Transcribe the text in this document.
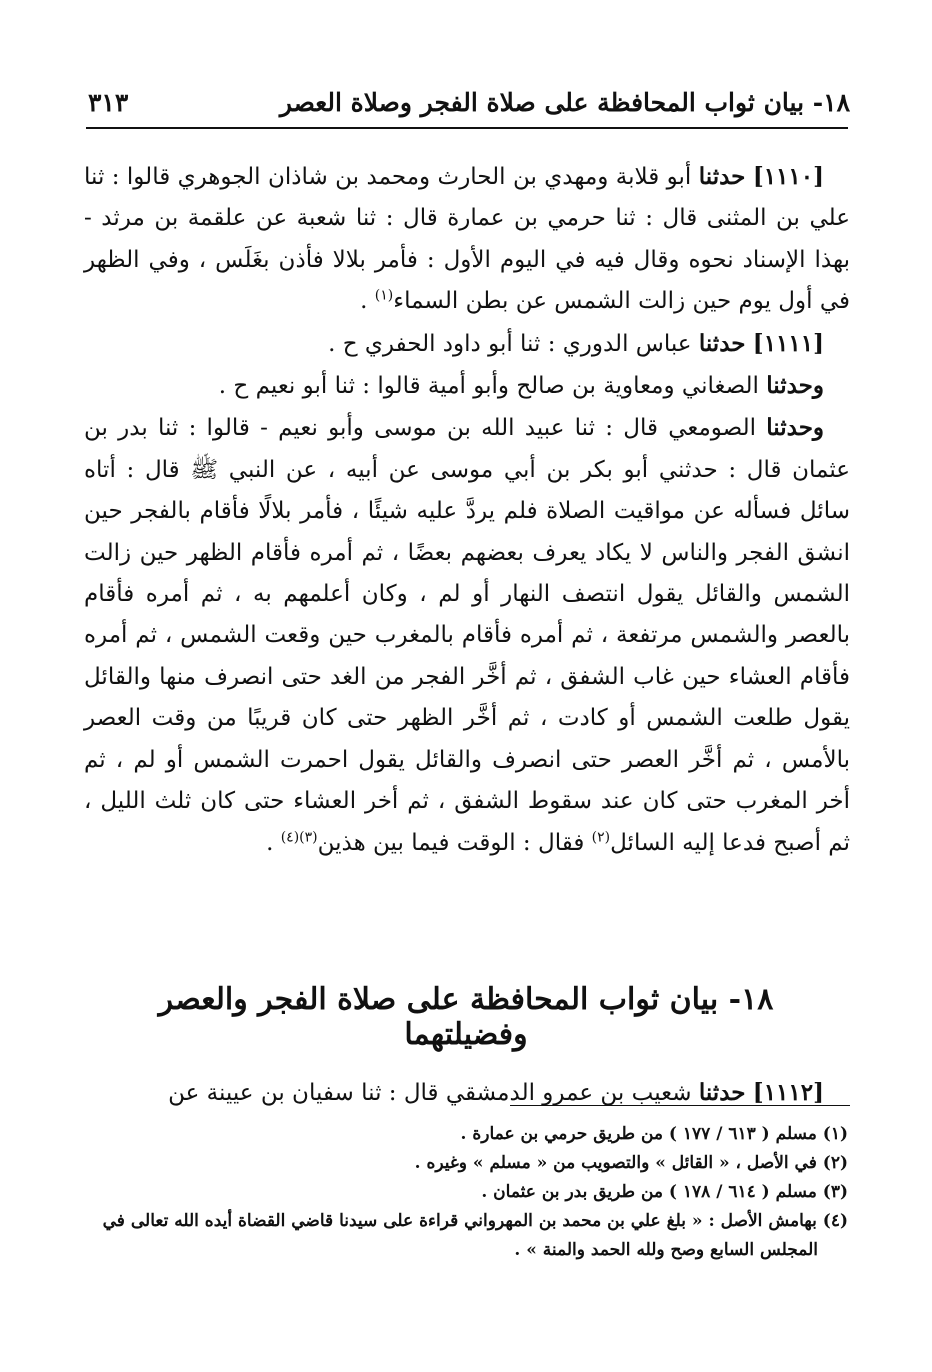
١٨- بيان ثواب المحافظة على صلاة الفجر وصلاة العصر
٣١٣

[١١١٠] حدثنا أبو قلابة ومهدي بن الحارث ومحمد بن شاذان الجوهري قالوا : ثنا علي بن المثنى قال : ثنا حرمي بن عمارة قال : ثنا شعبة عن علقمة بن مرثد - بهذا الإسناد نحوه وقال فيه في اليوم الأول : فأمر بلالا فأذن بغَلَس ، وفي الظهر في أول يوم حين زالت الشمس عن بطن السماء$^{(١)}$ .

[١١١١] حدثنا عباس الدوري : ثنا أبو داود الحفري ح .

وحدثنا الصغاني ومعاوية بن صالح وأبو أمية قالوا : ثنا أبو نعيم ح .

وحدثنا الصومعي قال : ثنا عبيد الله بن موسى وأبو نعيم - قالوا : ثنا بدر بن عثمان قال : حدثني أبو بكر بن أبي موسى عن أبيه ، عن النبي ﷺ قال : أتاه سائل فسأله عن مواقيت الصلاة فلم يردَّ عليه شيئًا ، فأمر بلالًا فأقام بالفجر حين انشق الفجر والناس لا يكاد يعرف بعضهم بعضًا ، ثم أمره فأقام الظهر حين زالت الشمس والقائل يقول انتصف النهار أو لم ، وكان أعلمهم به ، ثم أمره فأقام بالعصر والشمس مرتفعة ، ثم أمره فأقام بالمغرب حين وقعت الشمس ، ثم أمره فأقام العشاء حين غاب الشفق ، ثم أخَّر الفجر من الغد حتى انصرف منها والقائل يقول طلعت الشمس أو كادت ، ثم أخَّر الظهر حتى كان قريبًا من وقت العصر بالأمس ، ثم أخَّر العصر حتى انصرف والقائل يقول احمرت الشمس أو لم ، ثم أخر المغرب حتى كان عند سقوط الشفق ، ثم أخر العشاء حتى كان ثلث الليل ، ثم أصبح فدعا إليه السائل$^{(٢)}$ فقال : الوقت فيما بين هذين$^{(٣)(٤)}$ .

١٨- بيان ثواب المحافظة على صلاة الفجر والعصر وفضيلتهما

[١١١٢] حدثنا شعيب بن عمرو الدمشقي قال : ثنا سفيان بن عيينة عن

(١) مسلم ( ٦١٣ / ١٧٧ ) من طريق حرمي بن عمارة .

(٢) في الأصل ، « القائل » والتصويب من « مسلم » وغيره .

(٣) مسلم ( ٦١٤ / ١٧٨ ) من طريق بدر بن عثمان .

(٤) بهامش الأصل : « بلغ علي بن محمد بن المهرواني قراءة على سيدنا قاضي القضاة أيده الله تعالى في

المجلس السابع وصح ولله الحمد والمنة » .
